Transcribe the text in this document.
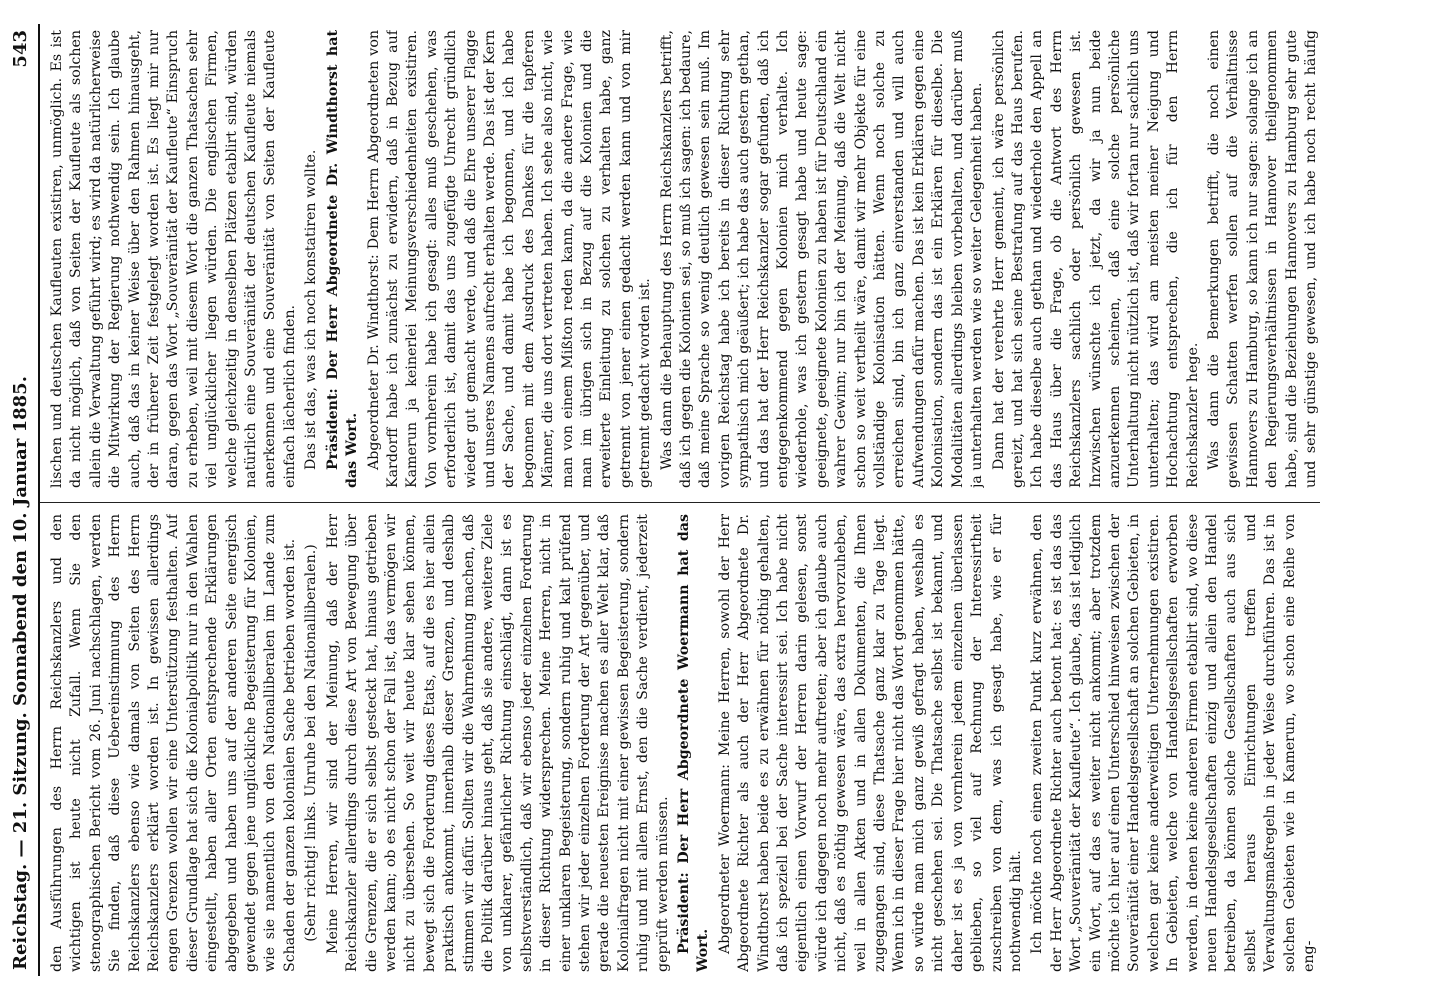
Reichstag. — 21. Sitzung. Sonnabend den 10. Januar 1885.
543

den Ausführungen des Herrn Reichskanzlers und den wichtigen ist heute nicht Zufall. Wenn Sie den stenographischen Bericht vom 26. Juni nachschlagen, werden Sie finden, daß diese Uebereinstimmung des Herrn Reichskanzlers ebenso wie damals von Seiten des Herrn Reichskanzlers erklärt worden ist. In gewissen allerdings engen Grenzen wollen wir eine Unterstützung festhalten. Auf dieser Grundlage hat sich die Kolonialpolitik nur in den Wahlen eingestellt, haben aller Orten entsprechende Erklärungen abgegeben und haben uns auf der anderen Seite energisch gewendet gegen jene unglückliche Begeisterung für Kolonien, wie sie namentlich von den Nationalliberalen im Lande zum Schaden der ganzen kolonialen Sache betrieben worden ist. (Sehr richtig! links. Unruhe bei den Nationalliberalen.) Meine Herren, wir sind der Meinung, daß der Herr Reichskanzler allerdings durch diese Art von Bewegung über die Grenzen, die er sich selbst gesteckt hat, hinaus getrieben werden kann; ob es nicht schon der Fall ist, das vermögen wir nicht zu übersehen. So weit wir heute klar sehen können, bewegt sich die Forderung dieses Etats, auf die es hier allein praktisch ankommt, innerhalb dieser Grenzen, und deshalb stimmen wir dafür. Sollten wir die Wahrnehmung machen, daß die Politik darüber hinaus geht, daß sie andere, weitere Ziele von unklarer, gefährlicher Richtung einschlägt, dann ist es selbstverständlich, daß wir ebenso jeder einzelnen Forderung in dieser Richtung widersprechen. Meine Herren, nicht in einer unklaren Begeisterung, sondern ruhig und kalt prüfend stehen wir jeder einzelnen Forderung der Art gegenüber, und gerade die neuesten Ereignisse machen es aller Welt klar, daß Kolonialfragen nicht mit einer gewissen Begeisterung, sondern ruhig und mit allem Ernst, den die Sache verdient, jederzeit geprüft werden müssen. Präsident: Der Herr Abgeordnete Woermann hat das Wort. Abgeordneter Woermann: Meine Herren, sowohl der Herr Abgeordnete Richter als auch der Herr Abgeordnete Dr. Windthorst haben beide es zu erwähnen für nöthig gehalten, daß ich speziell bei der Sache interessirt sei. Ich habe nicht eigentlich einen Vorwurf der Herren darin gelesen, sonst würde ich dagegen noch mehr auftreten; aber ich glaube auch nicht, daß es nöthig gewesen wäre, das extra hervorzuheben, weil in allen Akten und in allen Dokumenten, die Ihnen zugegangen sind, diese Thatsache ganz klar zu Tage liegt. Wenn ich in dieser Frage hier nicht das Wort genommen hätte, so würde man mich ganz gewiß gefragt haben, weshalb es nicht geschehen sei. Die Thatsache selbst ist bekannt, und daher ist es ja von vornherein jedem einzelnen überlassen geblieben, so viel auf Rechnung der Interessirtheit zuschreiben von dem, was ich gesagt habe, wie er für nothwendig hält. Ich möchte noch einen zweiten Punkt kurz erwähnen, den der Herr Abgeordnete Richter auch betont hat: es ist das das Wort „Souveränität der Kaufleute“. Ich glaube, das ist lediglich ein Wort, auf das es weiter nicht ankommt; aber trotzdem möchte ich hier auf einen Unterschied hinweisen zwischen der Souveränität einer Handelsgesellschaft an solchen Gebieten, in welchen gar keine anderweitigen Unternehmungen existiren. In Gebieten, welche von Handelsgesellschaften erworben werden, in denen keine anderen Firmen etablirt sind, wo diese neuen Handelsgesellschaften einzig und allein den Handel betreiben, da können solche Gesellschaften auch aus sich selbst heraus Einrichtungen treffen und Verwaltungsmaßregeln in jeder Weise durchführen. Das ist in solchen Gebieten wie in Kamerun, wo schon eine Reihe von eng-

lischen und deutschen Kaufleuten existiren, unmöglich. Es ist da nicht möglich, daß von Seiten der Kaufleute als solchen allein die Verwaltung geführt wird; es wird da natürlicherweise die Mitwirkung der Regierung nothwendig sein. Ich glaube auch, daß das in keiner Weise über den Rahmen hinausgeht, der in früherer Zeit festgelegt worden ist. Es liegt mir nur daran, gegen das Wort „Souveränität der Kaufleute“ Einspruch zu erheben, weil mit diesem Wort die ganzen Thatsachen sehr viel unglücklicher liegen würden. Die englischen Firmen, welche gleichzeitig in denselben Plätzen etablirt sind, würden natürlich eine Souveränität der deutschen Kaufleute niemals anerkennen und eine Souveränität von Seiten der Kaufleute einfach lächerlich finden. Das ist das, was ich noch konstatiren wollte. Präsident: Der Herr Abgeordnete Dr. Windthorst hat das Wort. Abgeordneter Dr. Windthorst: Dem Herrn Abgeordneten von Kardorff habe ich zunächst zu erwidern, daß in Bezug auf Kamerun ja keinerlei Meinungsverschiedenheiten existiren. Von vornherein habe ich gesagt: alles muß geschehen, was erforderlich ist, damit das uns zugefügte Unrecht gründlich wieder gut gemacht werde, und daß die Ehre unserer Flagge und unseres Namens aufrecht erhalten werde. Das ist der Kern der Sache, und damit habe ich begonnen, und ich habe begonnen mit dem Ausdruck des Dankes für die tapferen Männer, die uns dort vertreten haben. Ich sehe also nicht, wie man von einem Mißton reden kann, da die andere Frage, wie man im übrigen sich in Bezug auf die Kolonien und die erweiterte Einleitung zu solchen zu verhalten habe, ganz getrennt von jener einen gedacht werden kann und von mir getrennt gedacht worden ist. Was dann die Behauptung des Herrn Reichskanzlers betrifft, daß ich gegen die Kolonien sei, so muß ich sagen: ich bedaure, daß meine Sprache so wenig deutlich gewesen sein muß. Im vorigen Reichstag habe ich bereits in dieser Richtung sehr sympathisch mich geäußert; ich habe das auch gestern gethan, und das hat der Herr Reichskanzler sogar gefunden, daß ich entgegenkommend gegen Kolonien mich verhalte. Ich wiederhole, was ich gestern gesagt habe und heute sage: geeignete, geeignete Kolonien zu haben ist für Deutschland ein wahrer Gewinn; nur bin ich der Meinung, daß die Welt nicht schon so weit vertheilt wäre, damit wir mehr Objekte für eine vollständige Kolonisation hätten. Wenn noch solche zu erreichen sind, bin ich ganz einverstanden und will auch Aufwendungen dafür machen. Das ist kein Erklären gegen eine Kolonisation, sondern das ist ein Erklären für dieselbe. Die Modalitäten allerdings bleiben vorbehalten, und darüber muß ja unterhalten werden wie so weiter Gelegenheit haben. Dann hat der verehrte Herr gemeint, ich wäre persönlich gereizt, und hat sich seine Bestrafung auf das Haus berufen. Ich habe dieselbe auch gethan und wiederhole den Appell an das Haus über die Frage, ob die Antwort des Herrn Reichskanzlers sachlich oder persönlich gewesen ist. Inzwischen wünschte ich jetzt, da wir ja nun beide anzuerkennen scheinen, daß eine solche persönliche Unterhaltung nicht nützlich ist, daß wir fortan nur sachlich uns unterhalten; das wird am meisten meiner Neigung und Hochachtung entsprechen, die ich für den Herrn Reichskanzler hege. Was dann die Bemerkungen betrifft, die noch einen gewissen Schatten werfen sollen auf die Verhältnisse Hannovers zu Hamburg, so kann ich nur sagen: solange ich an den Regierungsverhältnissen in Hannover theilgenommen habe, sind die Beziehungen Hannovers zu Hamburg sehr gute und sehr günstige gewesen, und ich habe noch recht häufig
